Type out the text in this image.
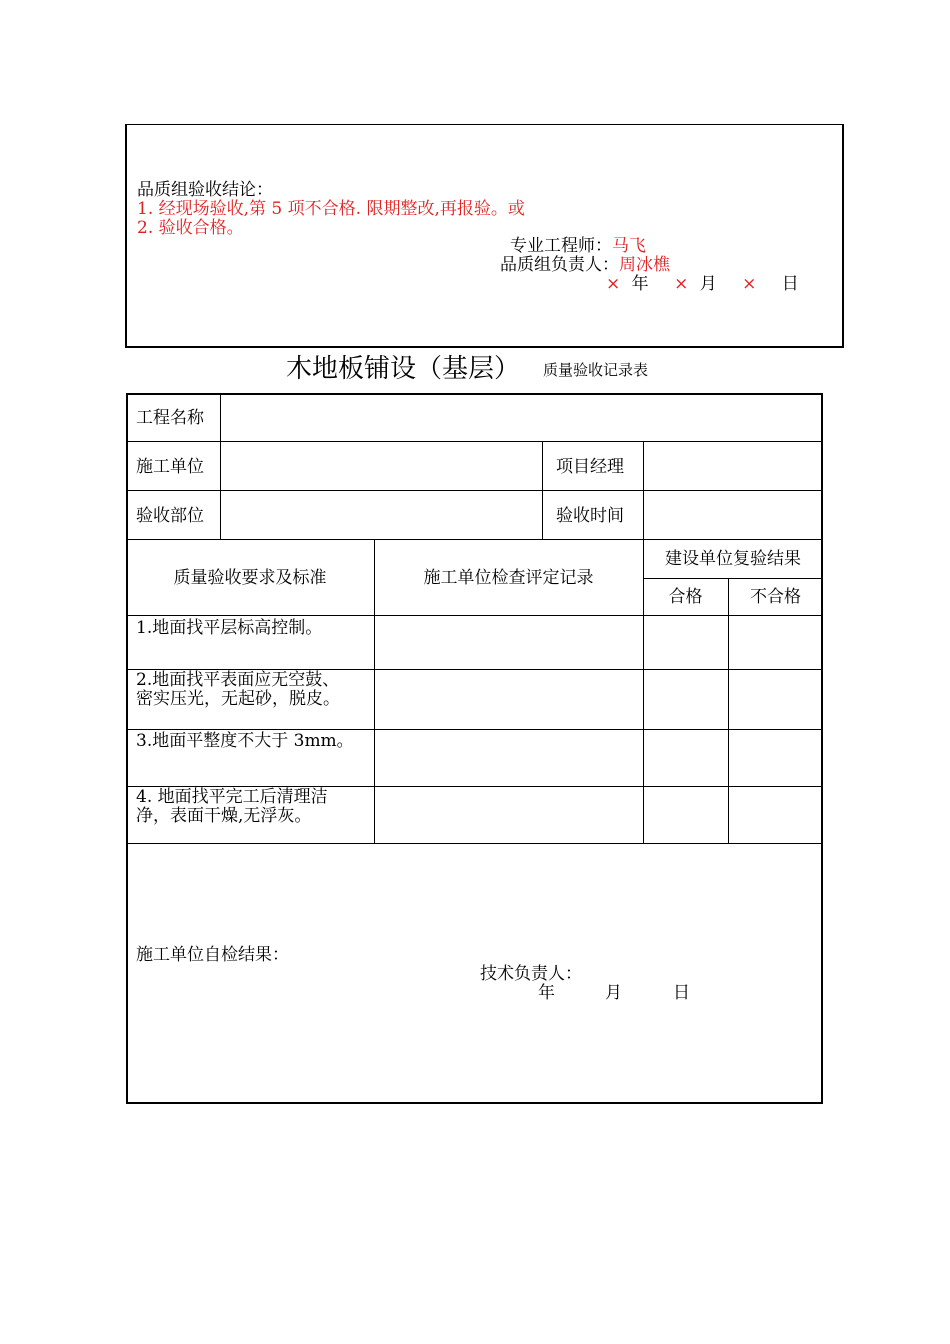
品质组验收结论：
1. 经现场验收,第 5 项不合格. 限期整改,再报验。或
2. 验收合格。
专业工程师：马飞
品质组负责人：周冰樵
× 年 × 月 × 日
木地板铺设（基层） 质量验收记录表
工程名称
施工单位	项目经理
验收部位	验收时间
质量验收要求及标准	施工单位检查评定记录
建设单位复验结果
合格	不合格
1.地面找平层标高控制。
2.地面找平表面应无空鼓、
密实压光，无起砂，脱皮。
3.地面平整度不大于 3mm。
4. 地面找平完工后清理洁
净，表面干燥,无浮灰。
施工单位自检结果：
技术负责人：
年	月	日
